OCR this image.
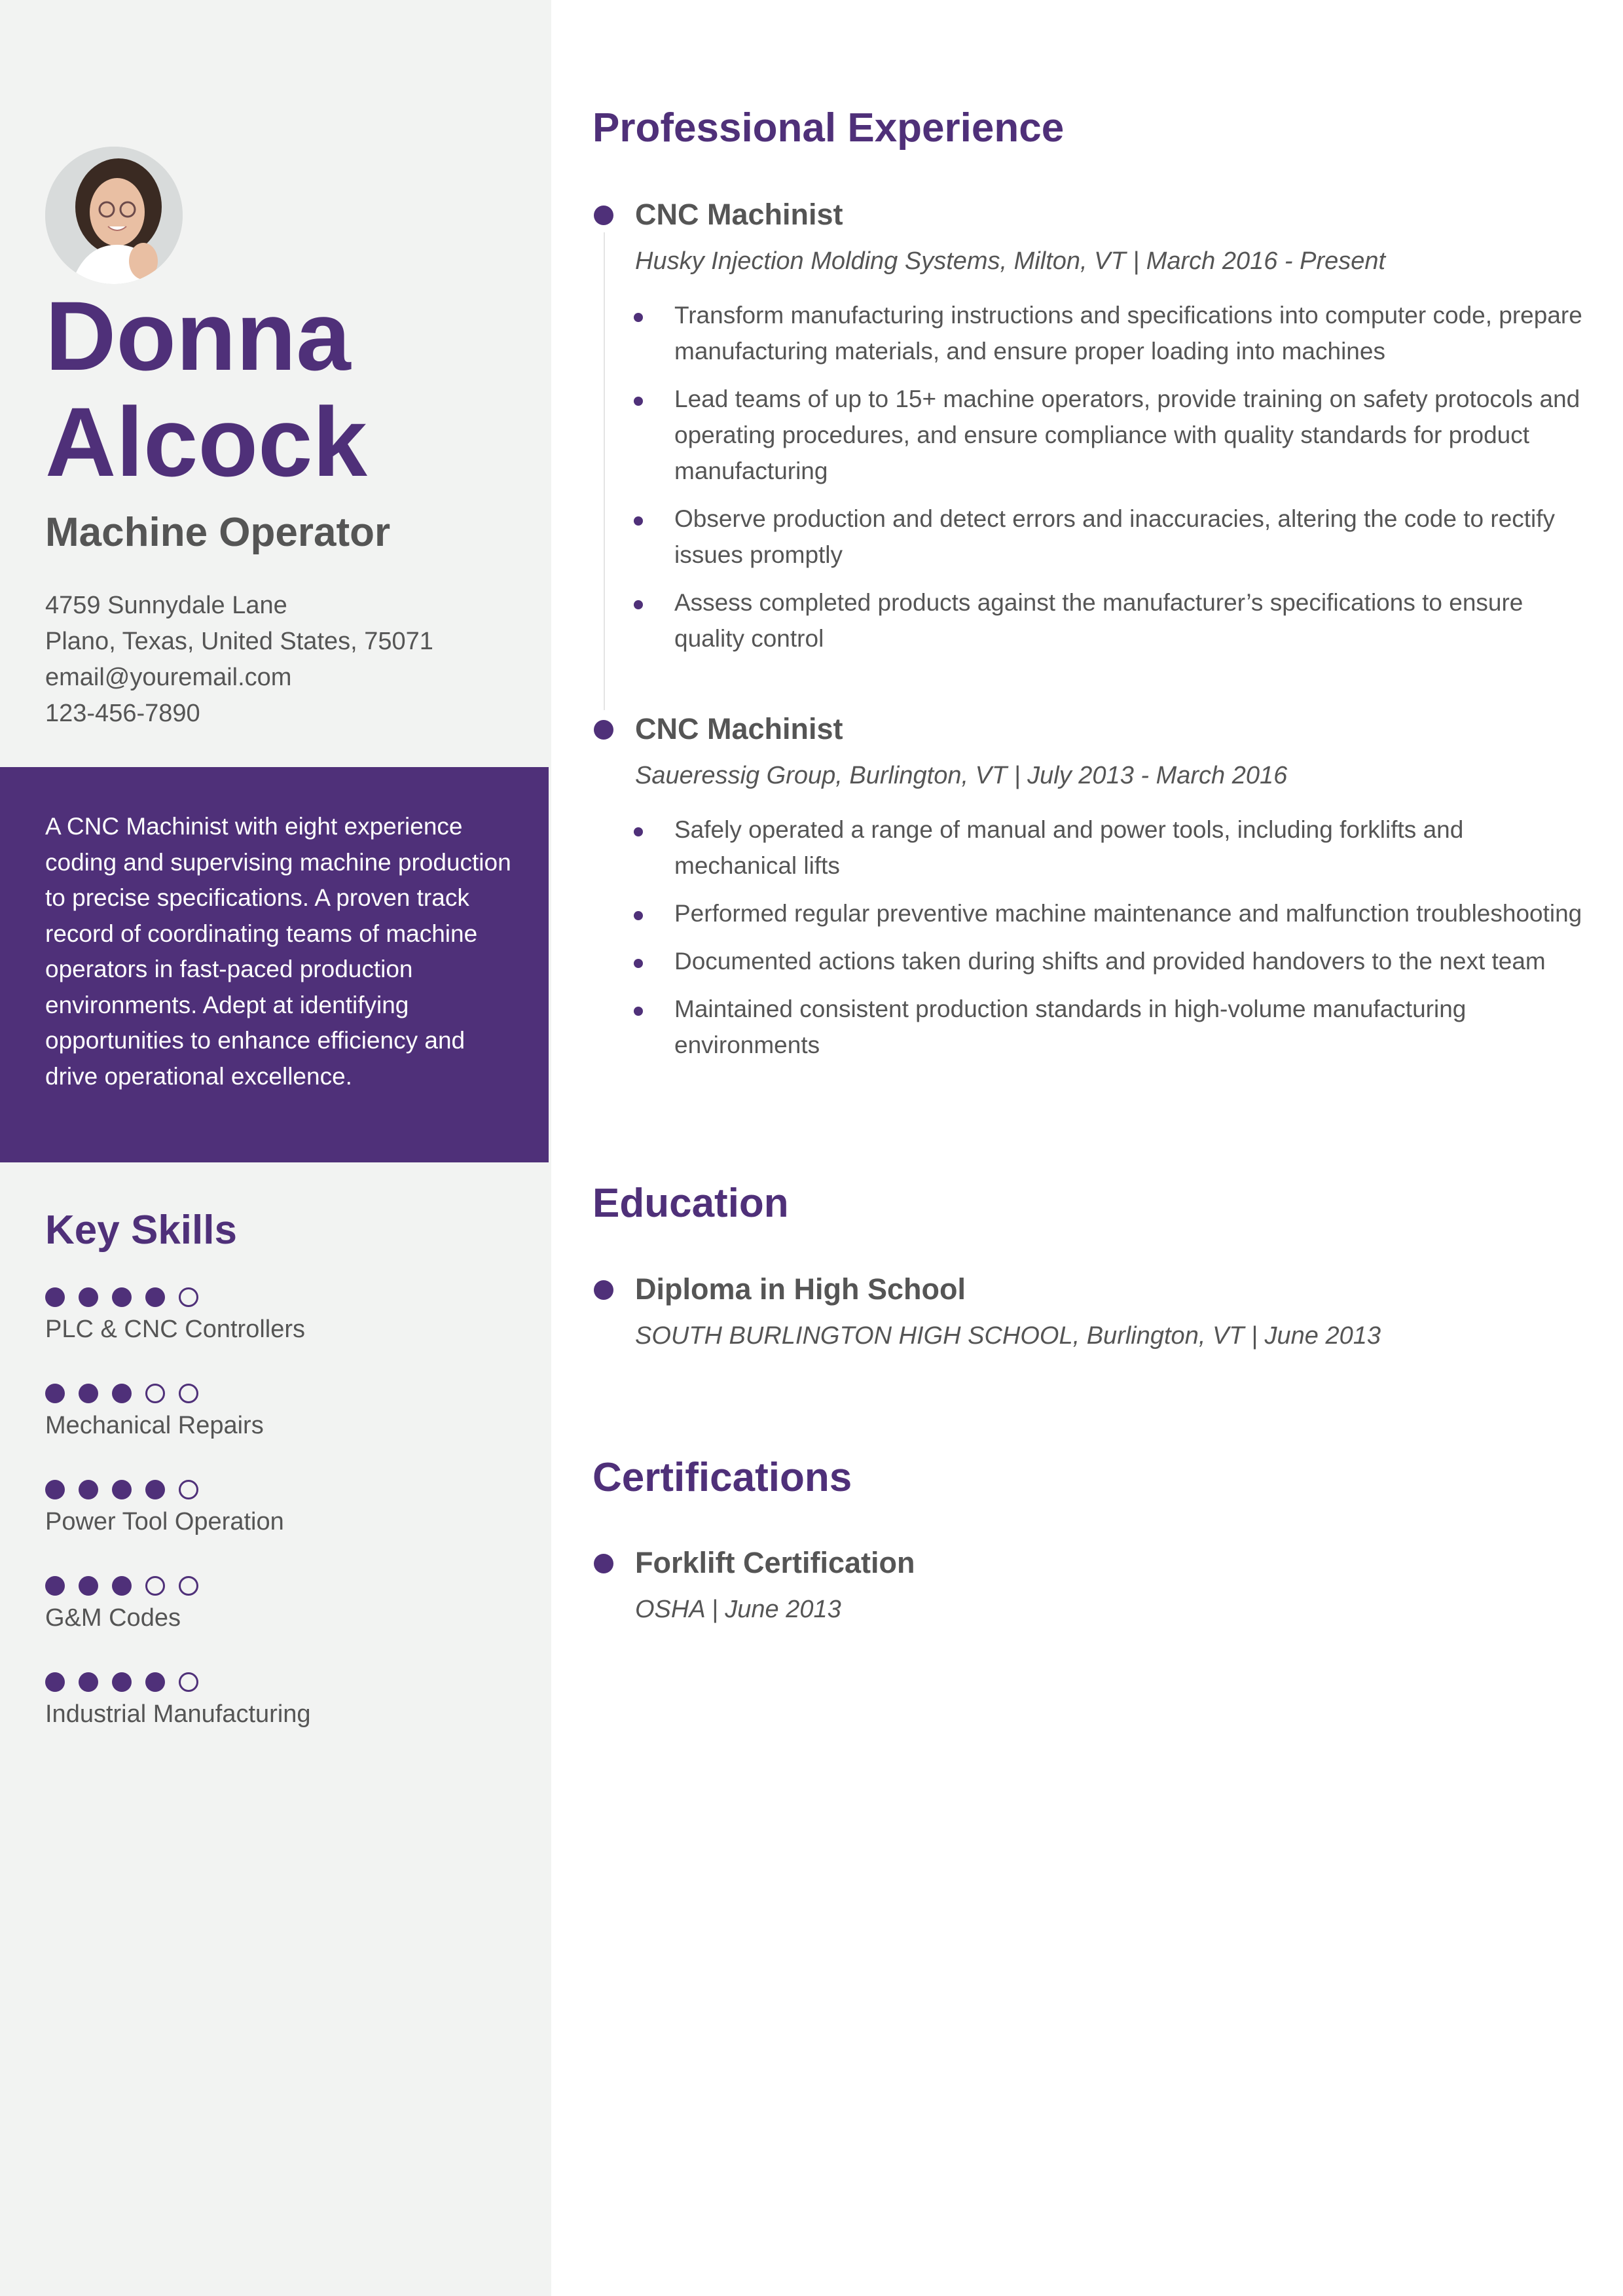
Donna
Alcock
Machine Operator
4759 Sunnydale Lane
Plano, Texas, United States, 75071
email@youremail.com
123-456-7890

A CNC Machinist with eight experience coding and supervising machine production to precise specifications. A proven track record of coordinating teams of machine operators in fast-paced production environments. Adept at identifying opportunities to enhance efficiency and drive operational excellence.

Key Skills
PLC & CNC Controllers
Mechanical Repairs
Power Tool Operation
G&M Codes
Industrial Manufacturing
Professional Experience
CNC Machinist

Husky Injection Molding Systems, Milton, VT | March 2016 - Present

Transform manufacturing instructions and specifications into computer code, prepare manufacturing materials, and ensure proper loading into machines
Lead teams of up to 15+ machine operators, provide training on safety protocols and operating procedures, and ensure compliance with quality standards for product manufacturing
Observe production and detect errors and inaccuracies, altering the code to rectify issues promptly
Assess completed products against the manufacturer’s specifications to ensure quality control
CNC Machinist

Saueressig Group, Burlington, VT | July 2013 - March 2016

Safely operated a range of manual and power tools, including forklifts and mechanical lifts
Performed regular preventive machine maintenance and malfunction troubleshooting
Documented actions taken during shifts and provided handovers to the next team
Maintained consistent production standards in high-volume manufacturing environments
Education
Diploma in High School

SOUTH BURLINGTON HIGH SCHOOL, Burlington, VT | June 2013

Certifications
Forklift Certification

OSHA | June 2013
